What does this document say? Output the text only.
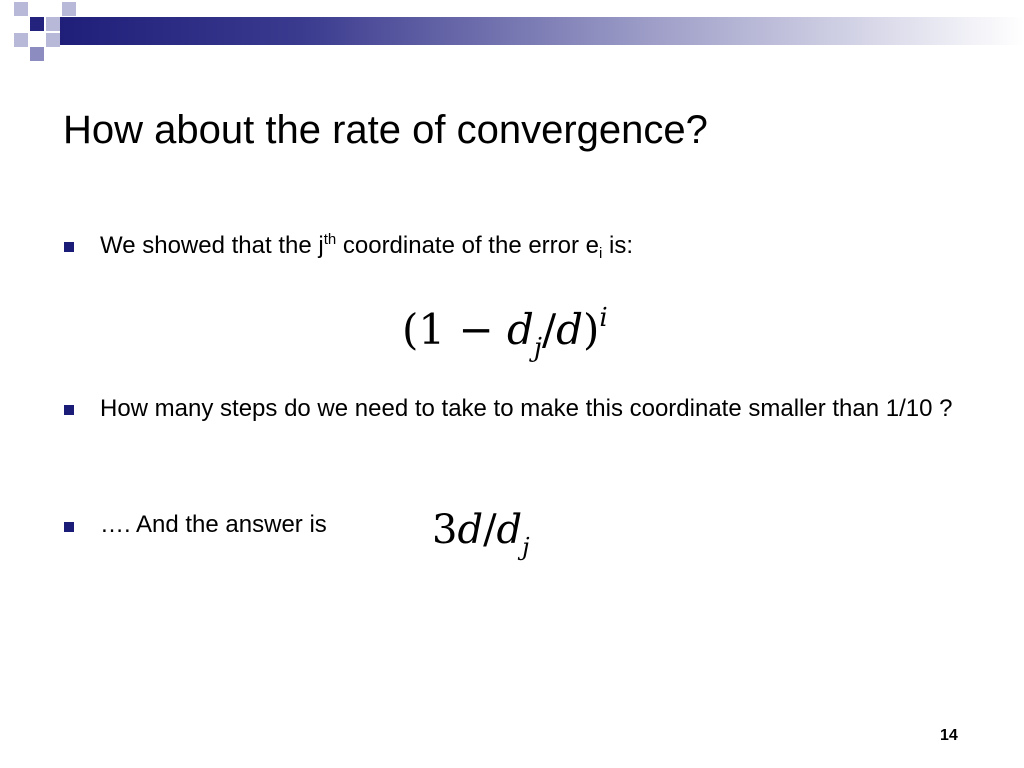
How about the rate of convergence?
We showed that the $j^{th}$ coordinate of the error $e_i$ is:
$(1 - d_j/d)^i$
How many steps do we need to take to make this coordinate smaller than 1/10 ?
…. And the answer is	$3d/d_j$
14
